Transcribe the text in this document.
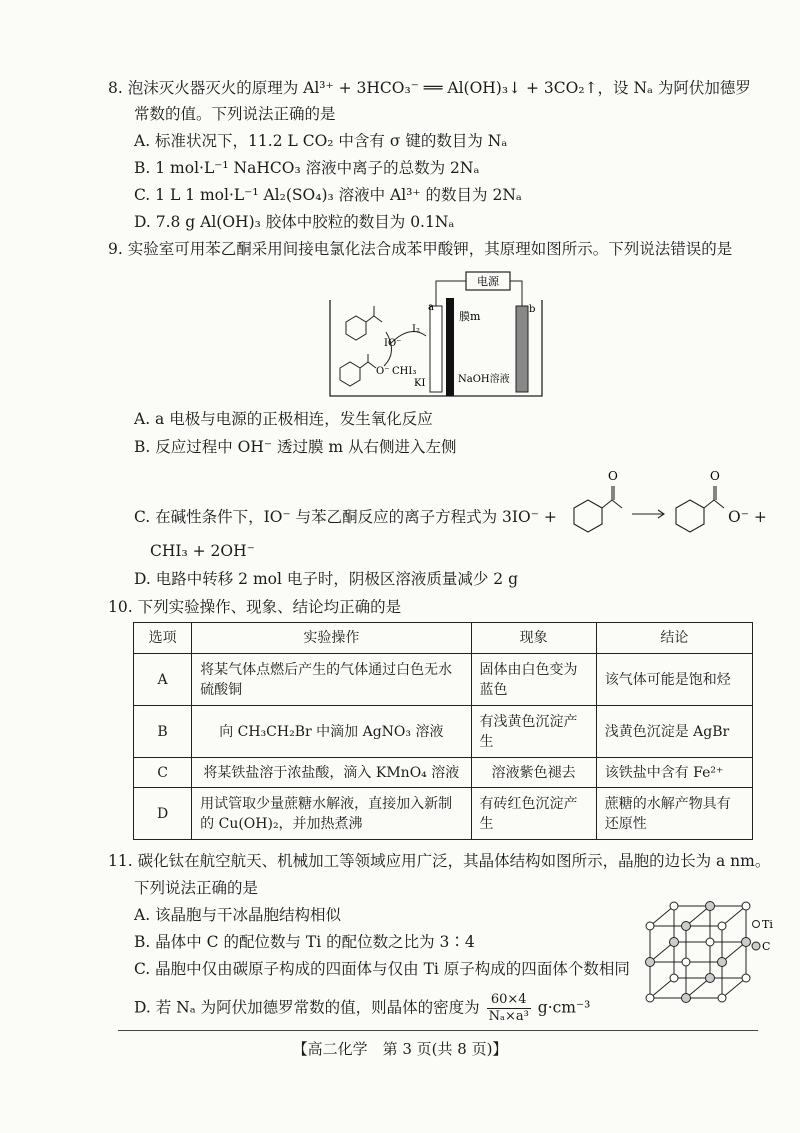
8. 泡沫灭火器灭火的原理为 Al³⁺ + 3HCO₃⁻ ══ Al(OH)₃↓ + 3CO₂↑，设 Nₐ 为阿伏加德罗
常数的值。下列说法正确的是
A. 标准状况下，11.2 L CO₂ 中含有 σ 键的数目为 Nₐ
B. 1 mol·L⁻¹ NaHCO₃ 溶液中离子的总数为 2Nₐ
C. 1 L 1 mol·L⁻¹ Al₂(SO₄)₃ 溶液中 Al³⁺ 的数目为 2Nₐ
D. 7.8 g Al(OH)₃ 胶体中胶粒的数目为 0.1Nₐ
9. 实验室可用苯乙酮采用间接电氯化法合成苯甲酸钾，其原理如图所示。下列说法错误的是
电源
a
膜m
b
O⁻
IO⁻
I₂
CHI₃
KI	NaOH溶液
A. a 电极与电源的正极相连，发生氧化反应
B. 反应过程中 OH⁻ 透过膜 m 从右侧进入左侧
C. 在碱性条件下，IO⁻ 与苯乙酮反应的离子方程式为 3IO⁻ +
O	O
O⁻ +
CHI₃ + 2OH⁻
D. 电路中转移 2 mol 电子时，阴极区溶液质量减少 2 g
10. 下列实验操作、现象、结论均正确的是
选项	实验操作	现象	结论
A	将某气体点燃后产生的气体通过白色无水硫酸铜	固体由白色变为蓝色	该气体可能是饱和烃
B	向 CH₃CH₂Br 中滴加 AgNO₃ 溶液	有浅黄色沉淀产生	浅黄色沉淀是 AgBr
C	将某铁盐溶于浓盐酸，滴入 KMnO₄ 溶液	溶液紫色褪去	该铁盐中含有 Fe²⁺
D	用试管取少量蔗糖水解液，直接加入新制的 Cu(OH)₂，并加热煮沸	有砖红色沉淀产生	蔗糖的水解产物具有还原性
11. 碳化钛在航空航天、机械加工等领域应用广泛，其晶体结构如图所示，晶胞的边长为 a nm。
下列说法正确的是
A. 该晶胞与干冰晶胞结构相似
B. 晶体中 C 的配位数与 Ti 的配位数之比为 3∶4
C. 晶胞中仅由碳原子构成的四面体与仅由 Ti 原子构成的四面体个数相同
D. 若 Nₐ 为阿伏加德罗常数的值，则晶体的密度为 $\frac{60\times 4}{\text{Nₐ×a³}} g\cdot cm^{-3}$
Ti
C
【高二化学　第 3 页(共 8 页)】
